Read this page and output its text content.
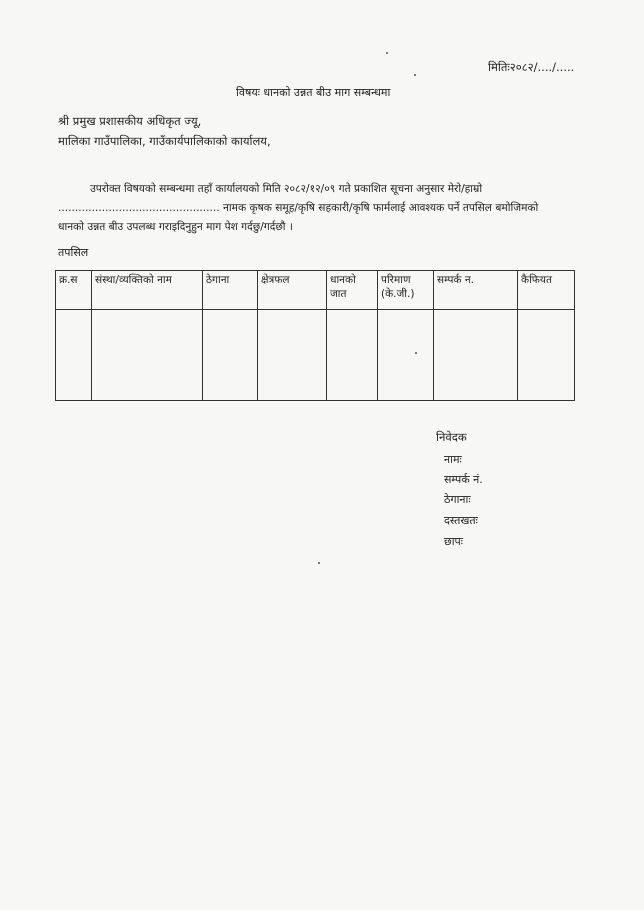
मितिः२०८२/..../.....
विषयः धानको उन्नत बीउ माग सम्बन्धमा
श्री प्रमुख प्रशासकीय अधिकृत ज्यू,
मालिका गाउँपालिका, गाउँकार्यपालिकाको कार्यालय,
उपरोक्त विषयको सम्बन्धमा तहाँ कार्यालयको मिति २०८२/१२/०९ गते प्रकाशित सूचना अनुसार मेरो/हाम्रो
................................................ नामक कृषक समूह/कृषि सहकारी/कृषि फार्मलाई आवश्यक पर्ने तपसिल बमोजिमको
धानको उन्नत बीउ उपलब्ध गराइदिनुहुन माग पेश गर्दछु/गर्दछौ ।
तपसिल
क्र.स	संस्था/व्यक्तिको नाम	ठेगाना	क्षेत्रफल	धानको जात	परिमाण (के.जी.)	सम्पर्क न.	कैफियत

निवेदक
नामः
सम्पर्क नं.
ठेगानाः
दस्तखतः
छापः
